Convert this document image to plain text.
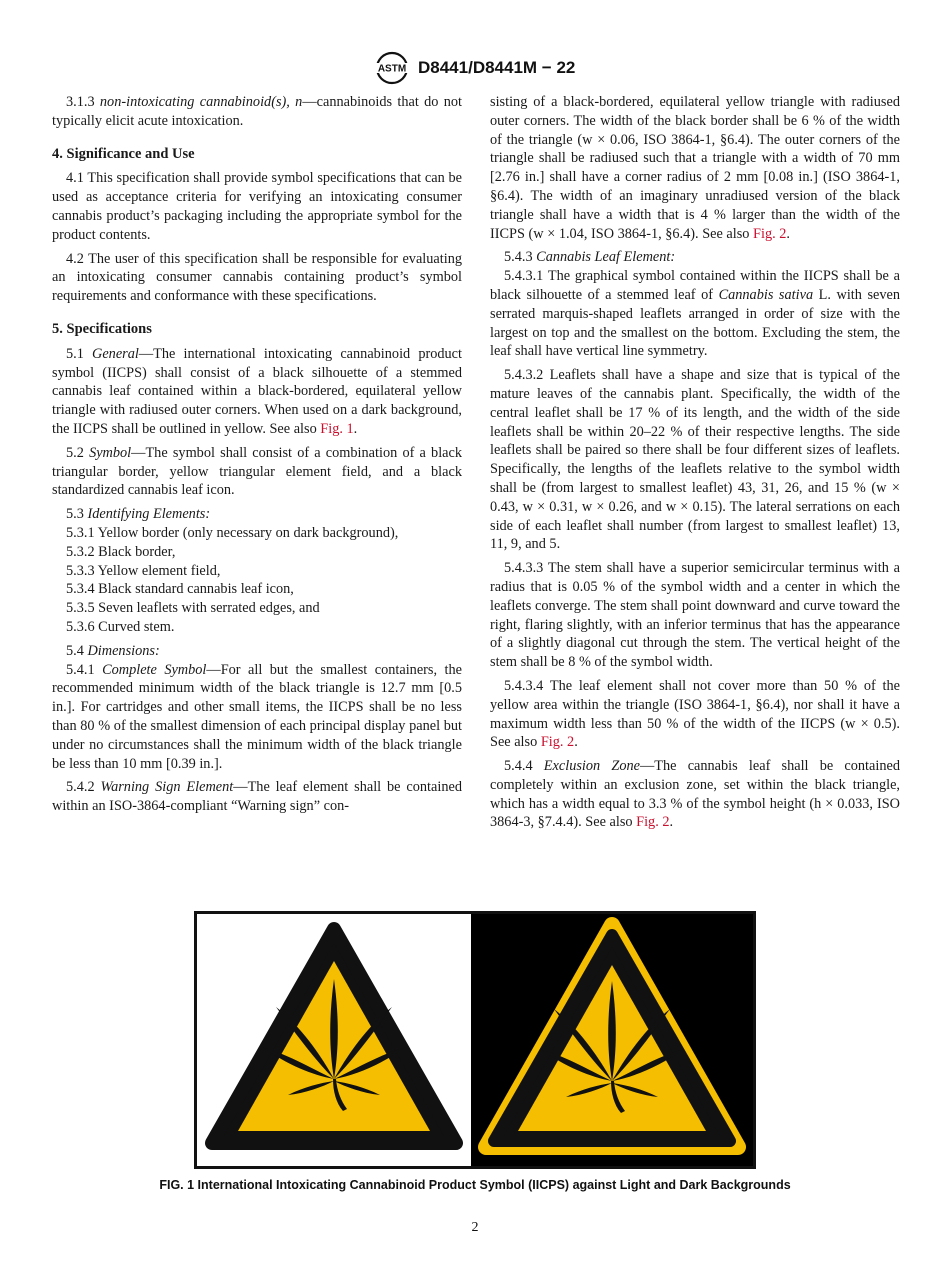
ASTM D8441/D8441M − 22

3.1.3 non-intoxicating cannabinoid(s), n—cannabinoids that do not typically elicit acute intoxication.

4. Significance and Use

4.1 This specification shall provide symbol specifications that can be used as acceptance criteria for verifying an intoxicating consumer cannabis product’s packaging including the appropriate symbol for the product contents.

4.2 The user of this specification shall be responsible for evaluating an intoxicating consumer cannabis containing product’s symbol requirements and conformance with these specifications.

5. Specifications

5.1 General—The international intoxicating cannabinoid product symbol (IICPS) shall consist of a black silhouette of a stemmed cannabis leaf contained within a black-bordered, equilateral yellow triangle with radiused outer corners. When used on a dark background, the IICPS shall be outlined in yellow. See also Fig. 1.

5.2 Symbol—The symbol shall consist of a combination of a black triangular border, yellow triangular element field, and a black standardized cannabis leaf icon.

5.3 Identifying Elements:

5.3.1 Yellow border (only necessary on dark background),

5.3.2 Black border,

5.3.3 Yellow element field,

5.3.4 Black standard cannabis leaf icon,

5.3.5 Seven leaflets with serrated edges, and

5.3.6 Curved stem.

5.4 Dimensions:

5.4.1 Complete Symbol—For all but the smallest containers, the recommended minimum width of the black triangle is 12.7 mm [0.5 in.]. For cartridges and other small items, the IICPS shall be no less than 80 % of the smallest dimension of each principal display panel but under no circumstances shall the minimum width of the black triangle be less than 10 mm [0.39 in.].

5.4.2 Warning Sign Element—The leaf element shall be contained within an ISO-3864-compliant “Warning sign” con-

sisting of a black-bordered, equilateral yellow triangle with radiused outer corners. The width of the black border shall be 6 % of the width of the triangle (w × 0.06, ISO 3864-1, §6.4). The outer corners of the triangle shall be radiused such that a triangle with a width of 70 mm [2.76 in.] shall have a corner radius of 2 mm [0.08 in.] (ISO 3864-1, §6.4). The width of an imaginary unradiused version of the black triangle shall have a width that is 4 % larger than the width of the IICPS (w × 1.04, ISO 3864-1, §6.4). See also Fig. 2.

5.4.3 Cannabis Leaf Element:

5.4.3.1 The graphical symbol contained within the IICPS shall be a black silhouette of a stemmed leaf of Cannabis sativa L. with seven serrated marquis-shaped leaflets arranged in order of size with the largest on top and the smallest on the bottom. Excluding the stem, the leaf shall have vertical line symmetry.

5.4.3.2 Leaflets shall have a shape and size that is typical of the mature leaves of the cannabis plant. Specifically, the width of the central leaflet shall be 17 % of its length, and the width of the side leaflets shall be within 20–22 % of their respective lengths. The side leaflets shall be paired so there shall be four different sizes of leaflets. Specifically, the lengths of the leaflets relative to the symbol width shall be (from largest to smallest leaflet) 43, 31, 26, and 15 % (w × 0.43, w × 0.31, w × 0.26, and w × 0.15). The lateral serrations on each side of each leaflet shall number (from largest to smallest leaflet) 13, 11, 9, and 5.

5.4.3.3 The stem shall have a superior semicircular terminus with a radius that is 0.05 % of the symbol width and a center in which the leaflets converge. The stem shall point downward and curve toward the right, flaring slightly, with an inferior terminus that has the appearance of a slightly diagonal cut through the stem. The vertical height of the stem shall be 8 % of the symbol width.

5.4.3.4 The leaf element shall not cover more than 50 % of the yellow area within the triangle (ISO 3864-1, §6.4), nor shall it have a maximum width less than 50 % of the width of the IICPS (w × 0.5). See also Fig. 2.

5.4.4 Exclusion Zone—The cannabis leaf shall be contained completely within an exclusion zone, set within the black triangle, which has a width equal to 3.3 % of the symbol height (h × 0.033, ISO 3864-3, §7.4.4). See also Fig. 2.

FIG. 1 International Intoxicating Cannabinoid Product Symbol (IICPS) against Light and Dark Backgrounds
2
